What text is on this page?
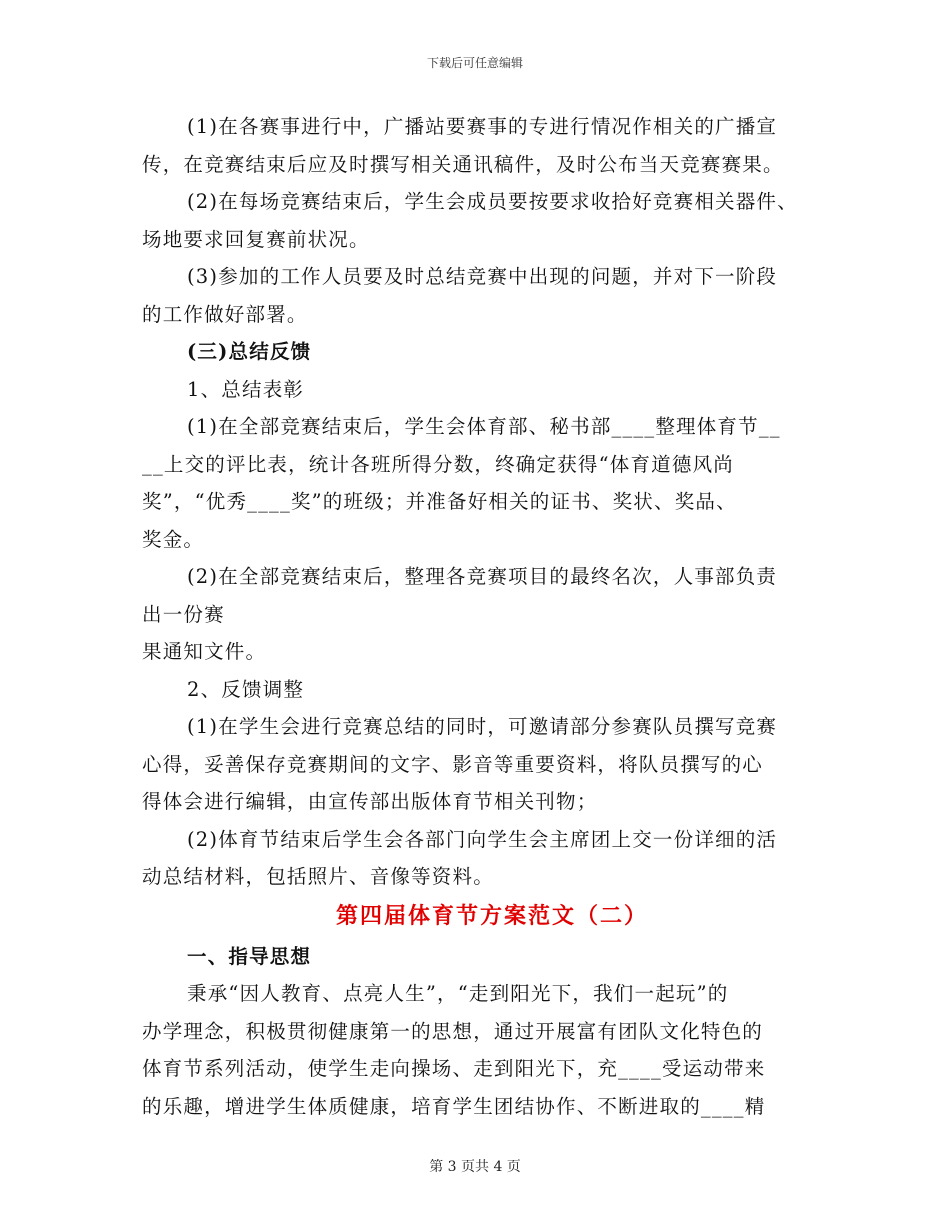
下载后可任意编辑
(1)在各赛事进行中，广播站要赛事的专进行情况作相关的广播宣
传，在竞赛结束后应及时撰写相关通讯稿件，及时公布当天竞赛赛果。
(2)在每场竞赛结束后，学生会成员要按要求收拾好竞赛相关器件、
场地要求回复赛前状况。
(3)参加的工作人员要及时总结竞赛中出现的问题，并对下一阶段
的工作做好部署。
(三)总结反馈
1、总结表彰
(1)在全部竞赛结束后，学生会体育部、秘书部____整理体育节__
__上交的评比表，统计各班所得分数，终确定获得“体育道德风尚
奖”，“优秀____奖”的班级；并准备好相关的证书、奖状、奖品、
奖金。
(2)在全部竞赛结束后，整理各竞赛项目的最终名次，人事部负责
出一份赛
果通知文件。
2、反馈调整
(1)在学生会进行竞赛总结的同时，可邀请部分参赛队员撰写竞赛
心得，妥善保存竞赛期间的文字、影音等重要资料，将队员撰写的心
得体会进行编辑，由宣传部出版体育节相关刊物；
(2)体育节结束后学生会各部门向学生会主席团上交一份详细的活
动总结材料，包括照片、音像等资料。
第四届体育节方案范文（二）
一、指导思想
秉承“因人教育、点亮人生”，“走到阳光下，我们一起玩”的
办学理念，积极贯彻健康第一的思想，通过开展富有团队文化特色的
体育节系列活动，使学生走向操场、走到阳光下，充____受运动带来
的乐趣，增进学生体质健康，培育学生团结协作、不断进取的____精
第 3 页共 4 页
